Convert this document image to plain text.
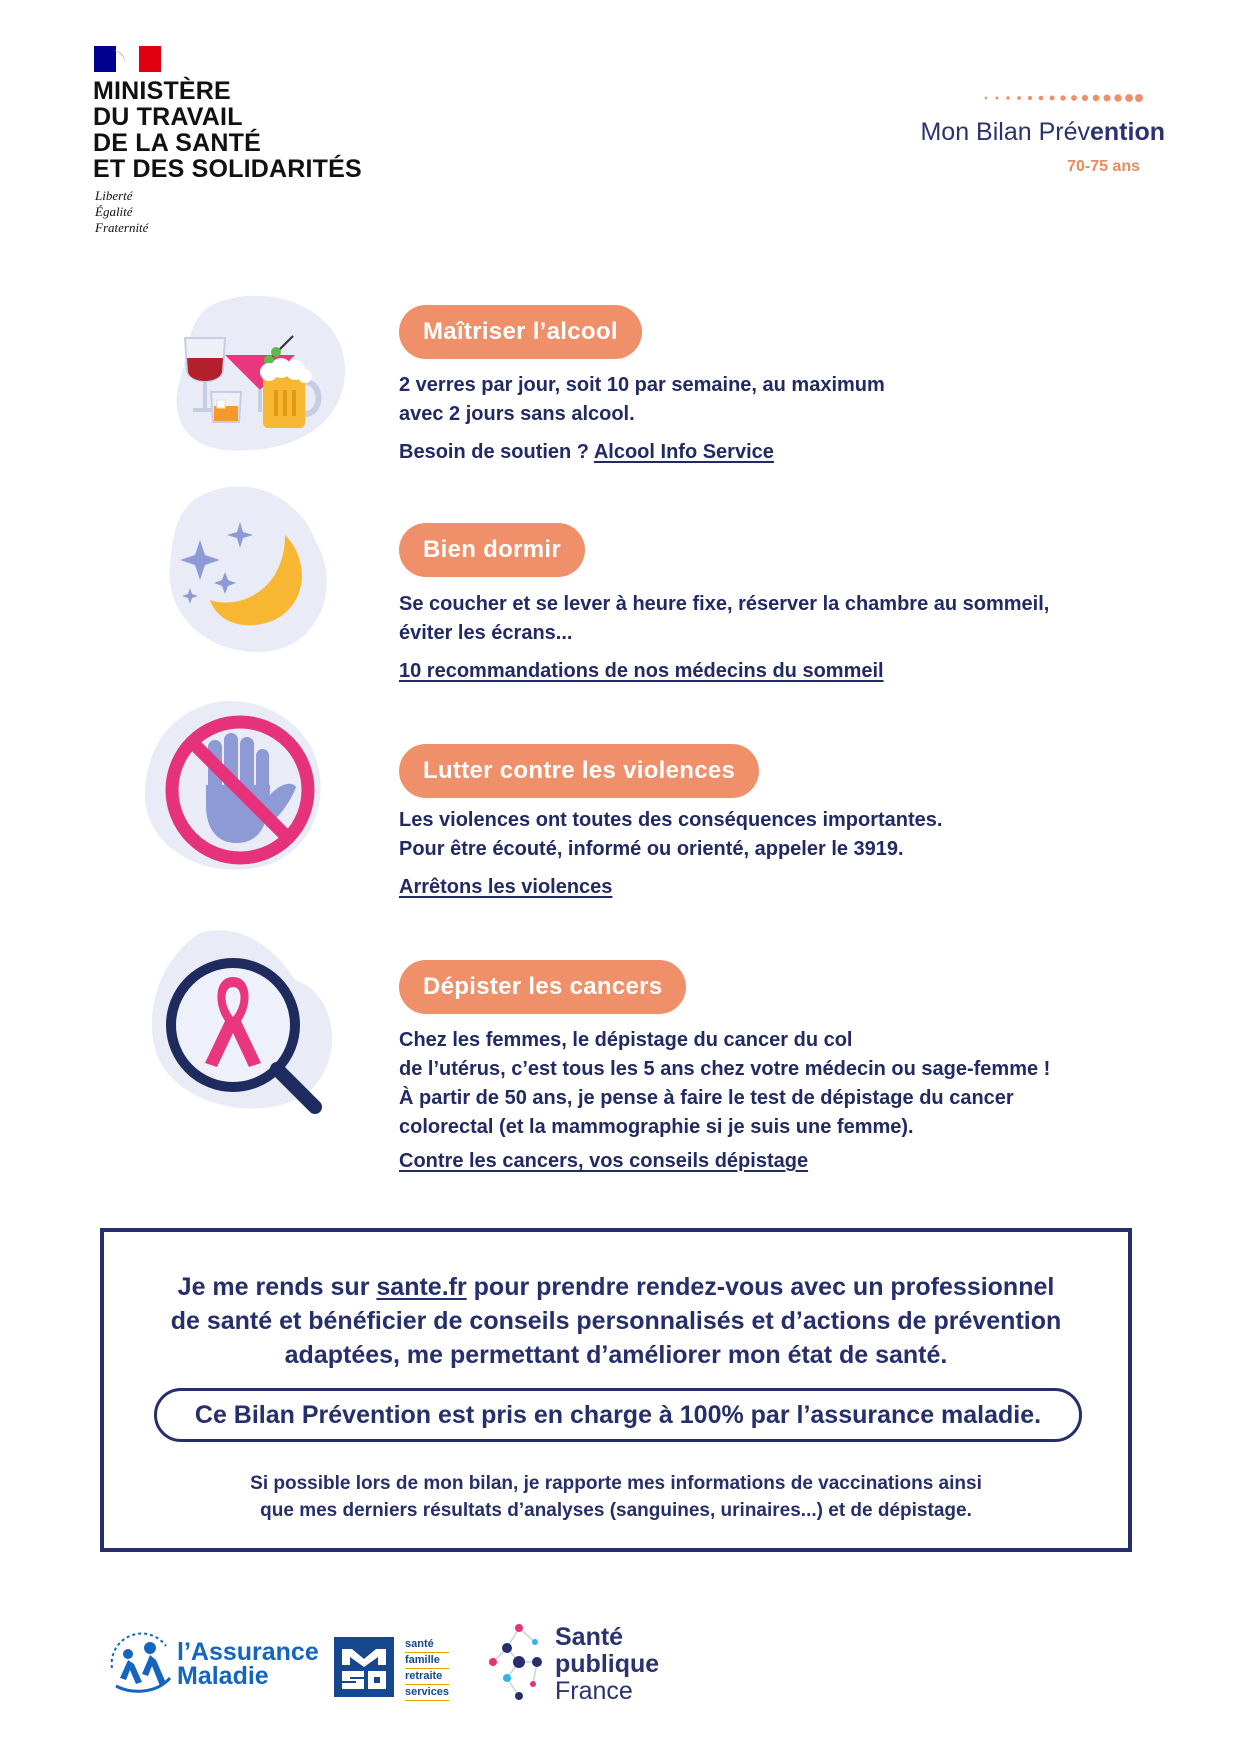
MINISTÈRE
DU TRAVAIL
DE LA SANTÉ
ET DES SOLIDARITÉS
Liberté
Égalité
Fraternité
Mon Bilan Prévention
70-75 ans
Maîtriser l’alcool
2 verres par jour, soit 10 par semaine, au maximum
avec 2 jours sans alcool.
Besoin de soutien ? Alcool Info Service
Bien dormir
Se coucher et se lever à heure fixe, réserver la chambre au sommeil,
éviter les écrans...
10 recommandations de nos médecins du sommeil
Lutter contre les violences
Les violences ont toutes des conséquences importantes.
Pour être écouté, informé ou orienté, appeler le 3919.
Arrêtons les violences
Dépister les cancers
Chez les femmes, le dépistage du cancer du col
de l’utérus, c’est tous les 5 ans chez votre médecin ou sage-femme !
À partir de 50 ans, je pense à faire le test de dépistage du cancer
colorectal (et la mammographie si je suis une femme).
Contre les cancers, vos conseils dépistage
Je me rends sur sante.fr pour prendre rendez-vous avec un professionnel
de santé et bénéficier de conseils personnalisés et d’actions de prévention
adaptées, me permettant d’améliorer mon état de santé.
Ce Bilan Prévention est pris en charge à 100% par l’assurance maladie.
Si possible lors de mon bilan, je rapporte mes informations de vaccinations ainsi
que mes derniers résultats d’analyses (sanguines, urinaires...) et de dépistage.
l’Assurance
Maladie
santé
famille
retraite
services
Santé
publique
France
